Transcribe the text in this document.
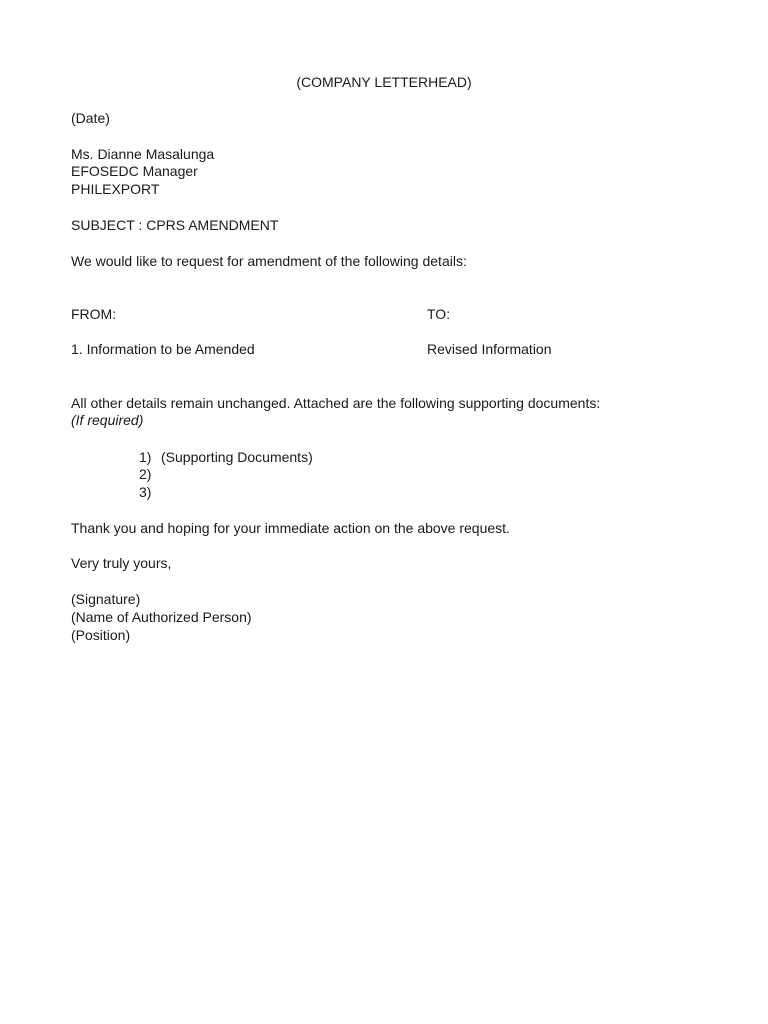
(COMPANY LETTERHEAD)
(Date)
Ms. Dianne Masalunga
EFOSEDC Manager
PHILEXPORT
SUBJECT : CPRS AMENDMENT
We would like to request for amendment of the following details:
FROM:	TO:
1. Information to be Amended	Revised Information
All other details remain unchanged. Attached are the following supporting documents:
(If required)
1) (Supporting Documents)
2)
3)
Thank you and hoping for your immediate action on the above request.
Very truly yours,
(Signature)
(Name of Authorized Person)
(Position)
